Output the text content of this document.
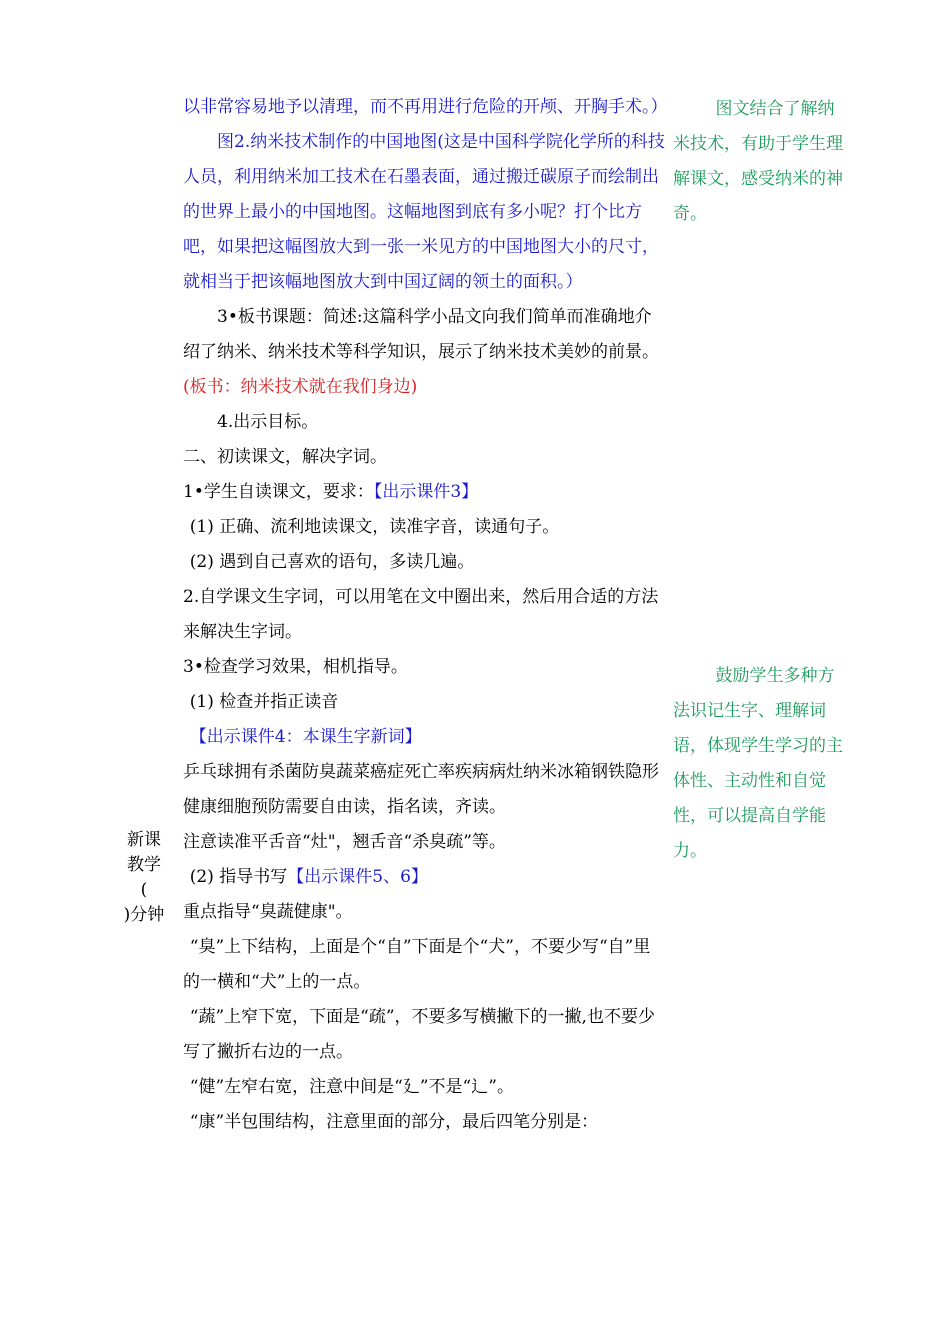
以非常容易地予以清理，而不再用进行危险的开颅、开胸手术。）

图2.纳米技术制作的中国地图(这是中国科学院化学所的科技人员，利用纳米加工技术在石墨表面，通过搬迁碳原子而绘制出的世界上最小的中国地图。这幅地图到底有多小呢？打个比方吧，如果把这幅图放大到一张一米见方的中国地图大小的尺寸，就相当于把该幅地图放大到中国辽阔的领土的面积。）

3•板书课题：简述:这篇科学小品文向我们简单而准确地介绍了纳米、纳米技术等科学知识，展示了纳米技术美妙的前景。(板书：纳米技术就在我们身边)

4.出示目标。

二、初读课文，解决字词。

1•学生自读课文，要求：【出示课件3】

(1) 正确、流利地读课文，读准字音，读通句子。

(2) 遇到自己喜欢的语句，多读几遍。

2.自学课文生字词，可以用笔在文中圈出来，然后用合适的方法来解决生字词。

3•检查学习效果，相机指导。

(1) 检查并指正读音

【出示课件4：本课生字新词】

乒乓球拥有杀菌防臭蔬菜癌症死亡率疾病病灶纳米冰箱钢铁隐形健康细胞预防需要自由读，指名读，齐读。

注意读准平舌音“灶"，翘舌音“杀臭疏”等。

(2) 指导书写【出示课件5、6】

重点指导“臭蔬健康"。

“臭”上下结构，上面是个“自”下面是个“犬”，不要少写“自”里的一横和“犬”上的一点。

“蔬”上窄下宽，下面是“疏”，不要多写横撇下的一撇,也不要少写了撇折右边的一点。

“健”左窄右宽，注意中间是“廴”不是“辶”。

“康”半包围结构，注意里面的部分，最后四笔分别是：

图文结合了解纳米技术，有助于学生理解课文，感受纳米的神奇。
鼓励学生多种方法识记生字、理解词语，体现学生学习的主体性、主动性和自觉性，可以提高自学能力。
新课
教学
(
)分钟
